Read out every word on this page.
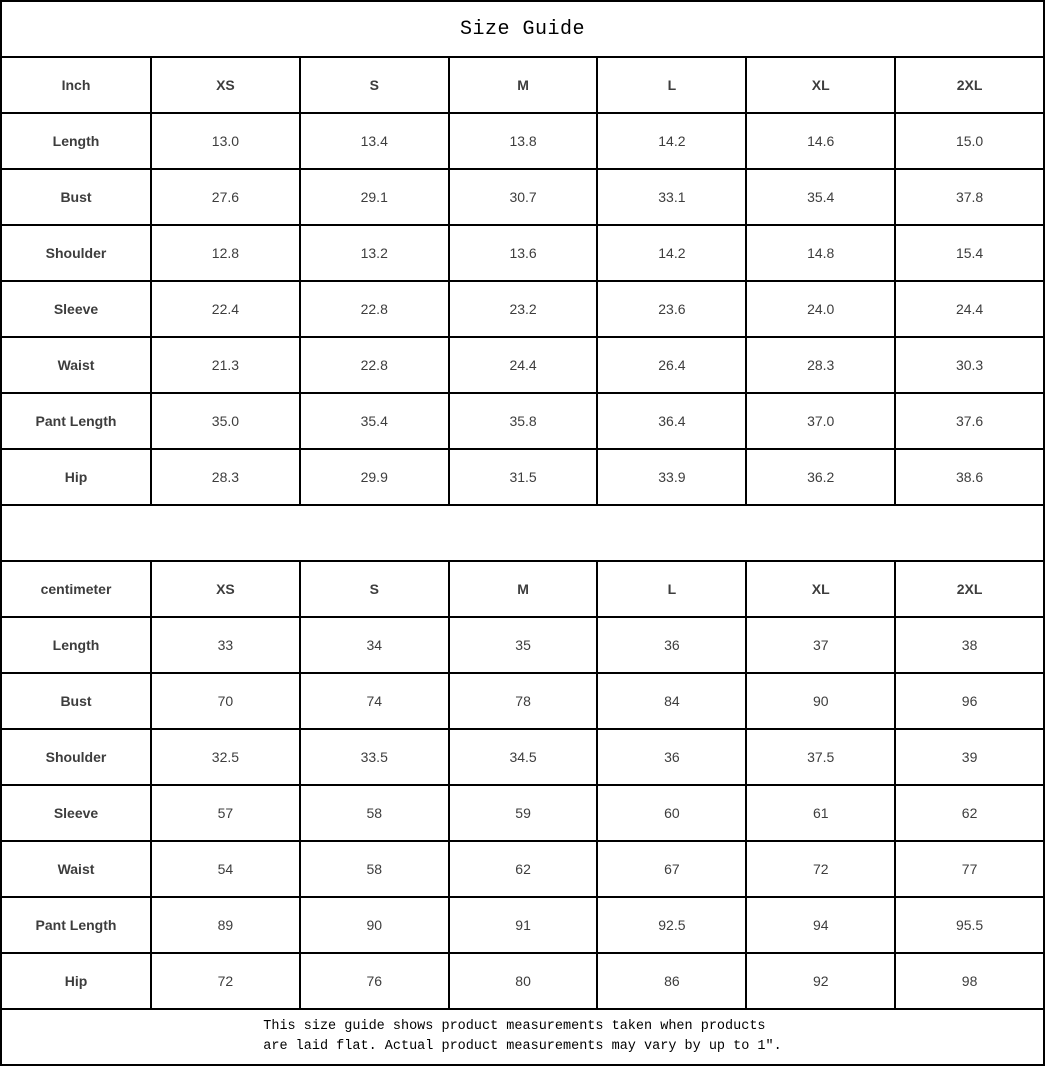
Size Guide						
Inch	XS	S	M	L	XL	2XL
Length	13.0	13.4	13.8	14.2	14.6	15.0
Bust	27.6	29.1	30.7	33.1	35.4	37.8
Shoulder	12.8	13.2	13.6	14.2	14.8	15.4
Sleeve	22.4	22.8	23.2	23.6	24.0	24.4
Waist	21.3	22.8	24.4	26.4	28.3	30.3
Pant Length	35.0	35.4	35.8	36.4	37.0	37.6
Hip	28.3	29.9	31.5	33.9	36.2	38.6

centimeter	XS	S	M	L	XL	2XL
Length	33	34	35	36	37	38
Bust	70	74	78	84	90	96
Shoulder	32.5	33.5	34.5	36	37.5	39
Sleeve	57	58	59	60	61	62
Waist	54	58	62	67	72	77
Pant Length	89	90	91	92.5	94	95.5
Hip	72	76	80	86	92	98

This size guide shows product measurements taken when products
are laid flat. Actual product measurements may vary by up to 1″.						
